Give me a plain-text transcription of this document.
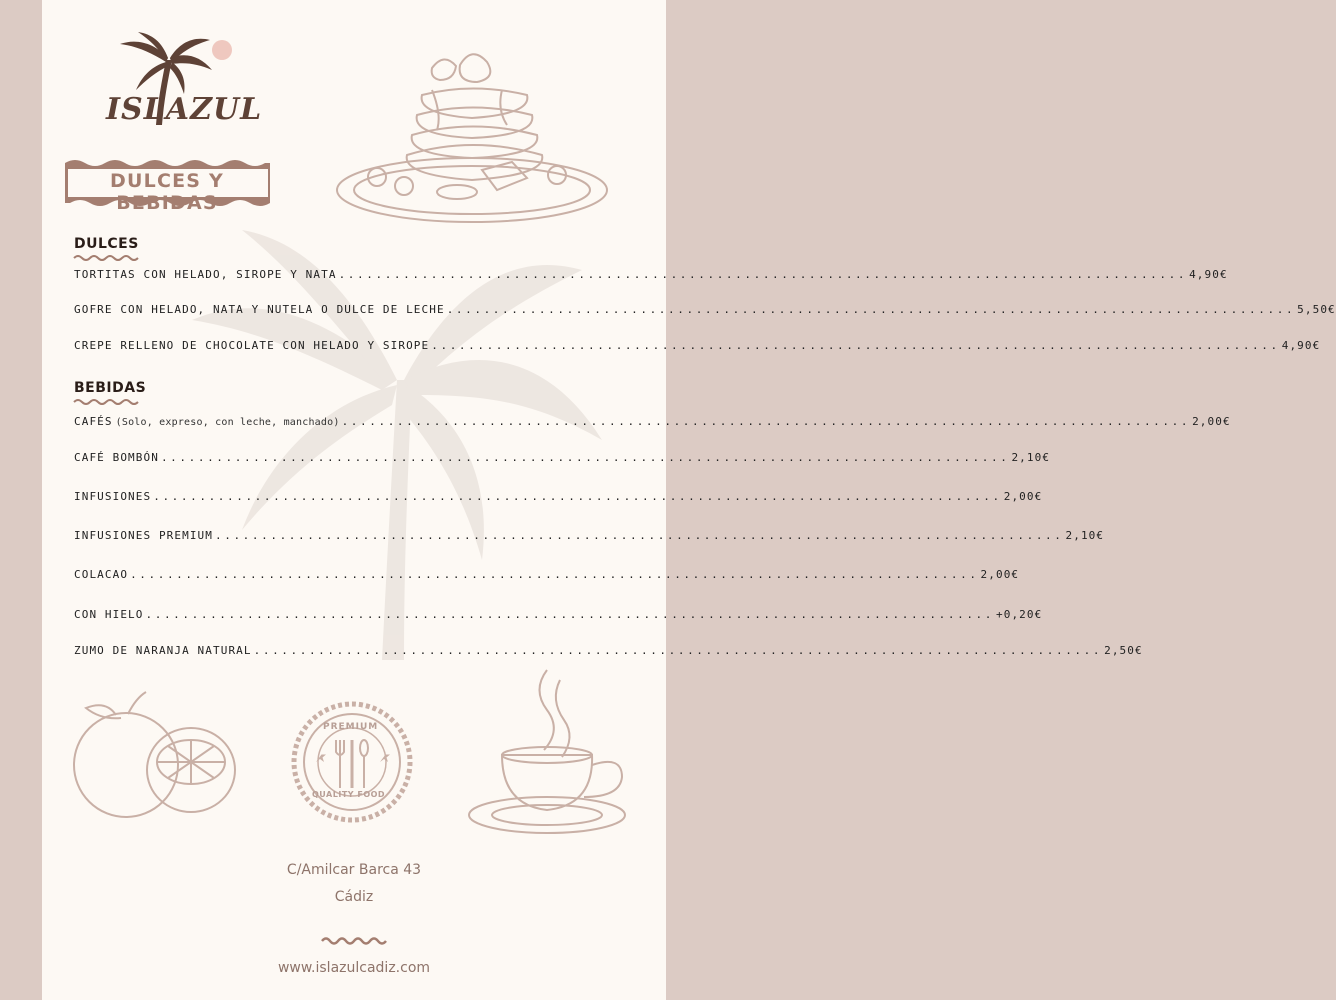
ISLAZUL
DULCES Y BEBIDAS
DULCES
TORTITAS CON HELADO, SIROPE Y NATA ............................................................................................ 4,90€
GOFRE CON HELADO, NATA Y NUTELA O DULCE DE LECHE ............................................................................................ 5,50€
CREPE RELLENO DE CHOCOLATE CON HELADO Y SIROPE ............................................................................................ 4,90€
BEBIDAS
CAFÉS (Solo, expreso, con leche, manchado) ............................................................................................ 2,00€
CAFÉ BOMBÓN ............................................................................................ 2,10€
INFUSIONES ............................................................................................ 2,00€
INFUSIONES PREMIUM ............................................................................................ 2,10€
COLACAO ............................................................................................ 2,00€
CON HIELO ............................................................................................ +0,20€
ZUMO DE NARANJA NATURAL ............................................................................................ 2,50€
PREMIUM
QUALITY FOOD
C/Amilcar Barca 43
Cádiz
www.islazulcadiz.com
